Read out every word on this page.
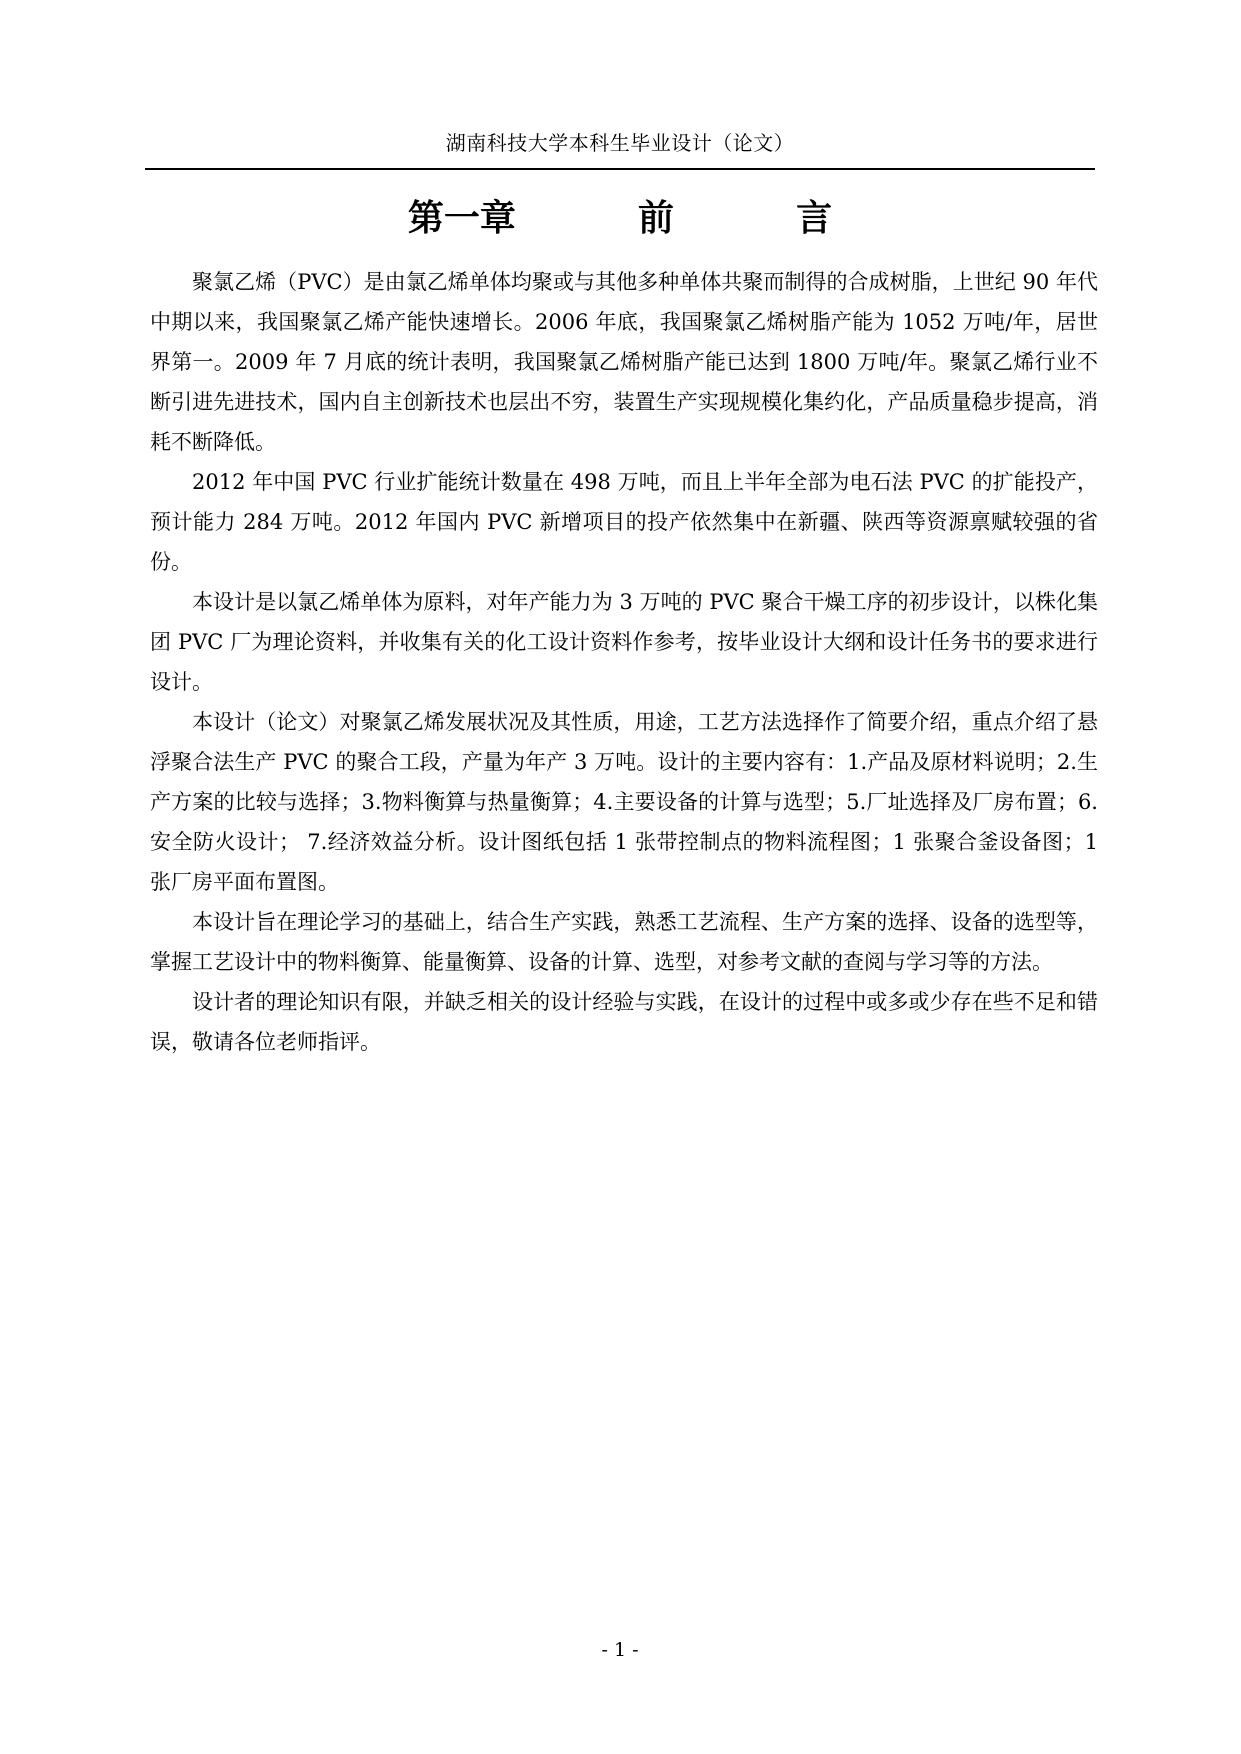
湖南科技大学本科生毕业设计（论文）
第一章    前    言

聚氯乙烯（PVC）是由氯乙烯单体均聚或与其他多种单体共聚而制得的合成树脂，上世纪 90 年代中期以来，我国聚氯乙烯产能快速增长。2006 年底，我国聚氯乙烯树脂产能为 1052 万吨/年，居世界第一。2009 年 7 月底的统计表明，我国聚氯乙烯树脂产能已达到 1800 万吨/年。聚氯乙烯行业不断引进先进技术，国内自主创新技术也层出不穷，装置生产实现规模化集约化，产品质量稳步提高，消耗不断降低。

2012 年中国 PVC 行业扩能统计数量在 498 万吨，而且上半年全部为电石法 PVC 的扩能投产，预计能力 284 万吨。2012 年国内 PVC 新增项目的投产依然集中在新疆、陕西等资源禀赋较强的省份。

本设计是以氯乙烯单体为原料，对年产能力为 3 万吨的 PVC 聚合干燥工序的初步设计，以株化集团 PVC 厂为理论资料，并收集有关的化工设计资料作参考，按毕业设计大纲和设计任务书的要求进行设计。

本设计（论文）对聚氯乙烯发展状况及其性质，用途，工艺方法选择作了简要介绍，重点介绍了悬浮聚合法生产 PVC 的聚合工段，产量为年产 3 万吨。设计的主要内容有：1.产品及原材料说明；2.生产方案的比较与选择；3.物料衡算与热量衡算；4.主要设备的计算与选型；5.厂址选择及厂房布置；6.安全防火设计； 7.经济效益分析。设计图纸包括 1 张带控制点的物料流程图；1 张聚合釜设备图；1 张厂房平面布置图。

本设计旨在理论学习的基础上，结合生产实践，熟悉工艺流程、生产方案的选择、设备的选型等，掌握工艺设计中的物料衡算、能量衡算、设备的计算、选型，对参考文献的查阅与学习等的方法。

设计者的理论知识有限，并缺乏相关的设计经验与实践，在设计的过程中或多或少存在些不足和错误，敬请各位老师指评。

- 1 -
